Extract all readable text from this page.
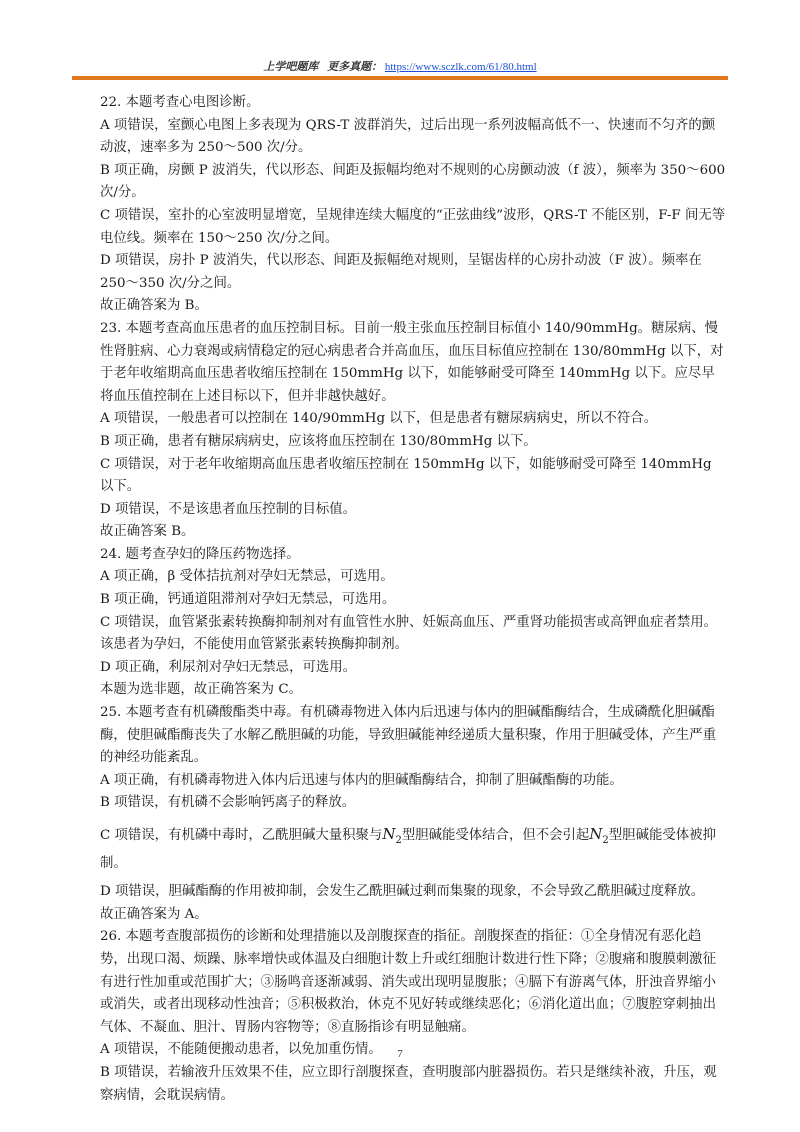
上学吧题库 更多真题： https://www.sczlk.com/61/80.html

22. 本题考查心电图诊断。

A 项错误，室颤心电图上多表现为 QRS-T 波群消失，过后出现一系列波幅高低不一、快速而不匀齐的颤动波，速率多为 250～500 次/分。

B 项正确，房颤 P 波消失，代以形态、间距及振幅均绝对不规则的心房颤动波（f 波），频率为 350～600 次/分。

C 项错误，室扑的心室波明显增宽，呈规律连续大幅度的“正弦曲线”波形，QRS-T 不能区别，F-F 间无等电位线。频率在 150～250 次/分之间。

D 项错误，房扑 P 波消失，代以形态、间距及振幅绝对规则，呈锯齿样的心房扑动波（F 波）。频率在 250～350 次/分之间。

故正确答案为 B。

23. 本题考查高血压患者的血压控制目标。目前一般主张血压控制目标值小 140/90mmHg。糖尿病、慢性肾脏病、心力衰竭或病情稳定的冠心病患者合并高血压，血压目标值应控制在 130/80mmHg 以下，对于老年收缩期高血压患者收缩压控制在 150mmHg 以下，如能够耐受可降至 140mmHg 以下。应尽早将血压值控制在上述目标以下，但并非越快越好。

A 项错误，一般患者可以控制在 140/90mmHg 以下，但是患者有糖尿病病史，所以不符合。

B 项正确，患者有糖尿病病史，应该将血压控制在 130/80mmHg 以下。

C 项错误，对于老年收缩期高血压患者收缩压控制在 150mmHg 以下，如能够耐受可降至 140mmHg 以下。

D 项错误，不是该患者血压控制的目标值。

故正确答案 B。

24. 题考查孕妇的降压药物选择。

A 项正确，β 受体拮抗剂对孕妇无禁忌，可选用。

B 项正确，钙通道阻滞剂对孕妇无禁忌，可选用。

C 项错误，血管紧张素转换酶抑制剂对有血管性水肿、妊娠高血压、严重肾功能损害或高钾血症者禁用。该患者为孕妇，不能使用血管紧张素转换酶抑制剂。

D 项正确，利尿剂对孕妇无禁忌，可选用。

本题为选非题，故正确答案为 C。

25. 本题考查有机磷酸酯类中毒。有机磷毒物进入体内后迅速与体内的胆碱酯酶结合，生成磷酰化胆碱酯酶，使胆碱酯酶丧失了水解乙酰胆碱的功能，导致胆碱能神经递质大量积聚，作用于胆碱受体，产生严重的神经功能紊乱。

A 项正确，有机磷毒物进入体内后迅速与体内的胆碱酯酶结合，抑制了胆碱酯酶的功能。

B 项错误，有机磷不会影响钙离子的释放。

C 项错误，有机磷中毒时，乙酰胆碱大量积聚与$N_2$型胆碱能受体结合，但不会引起$N_2$型胆碱能受体被抑制。

D 项错误，胆碱酯酶的作用被抑制，会发生乙酰胆碱过剩而集聚的现象，不会导致乙酰胆碱过度释放。

故正确答案为 A。

26. 本题考查腹部损伤的诊断和处理措施以及剖腹探查的指征。剖腹探查的指征：①全身情况有恶化趋势，出现口渴、烦躁、脉率增快或体温及白细胞计数上升或红细胞计数进行性下降；②腹痛和腹膜刺激征有进行性加重或范围扩大；③肠鸣音逐渐减弱、消失或出现明显腹胀；④膈下有游离气体，肝浊音界缩小或消失，或者出现移动性浊音；⑤积极救治，休克不见好转或继续恶化；⑥消化道出血；⑦腹腔穿刺抽出气体、不凝血、胆汁、胃肠内容物等；⑧直肠指诊有明显触痛。

A 项错误，不能随便搬动患者，以免加重伤情。

B 项错误，若输液升压效果不佳，应立即行剖腹探查，查明腹部内脏器损伤。若只是继续补液，升压，观察病情，会耽误病情。

7
